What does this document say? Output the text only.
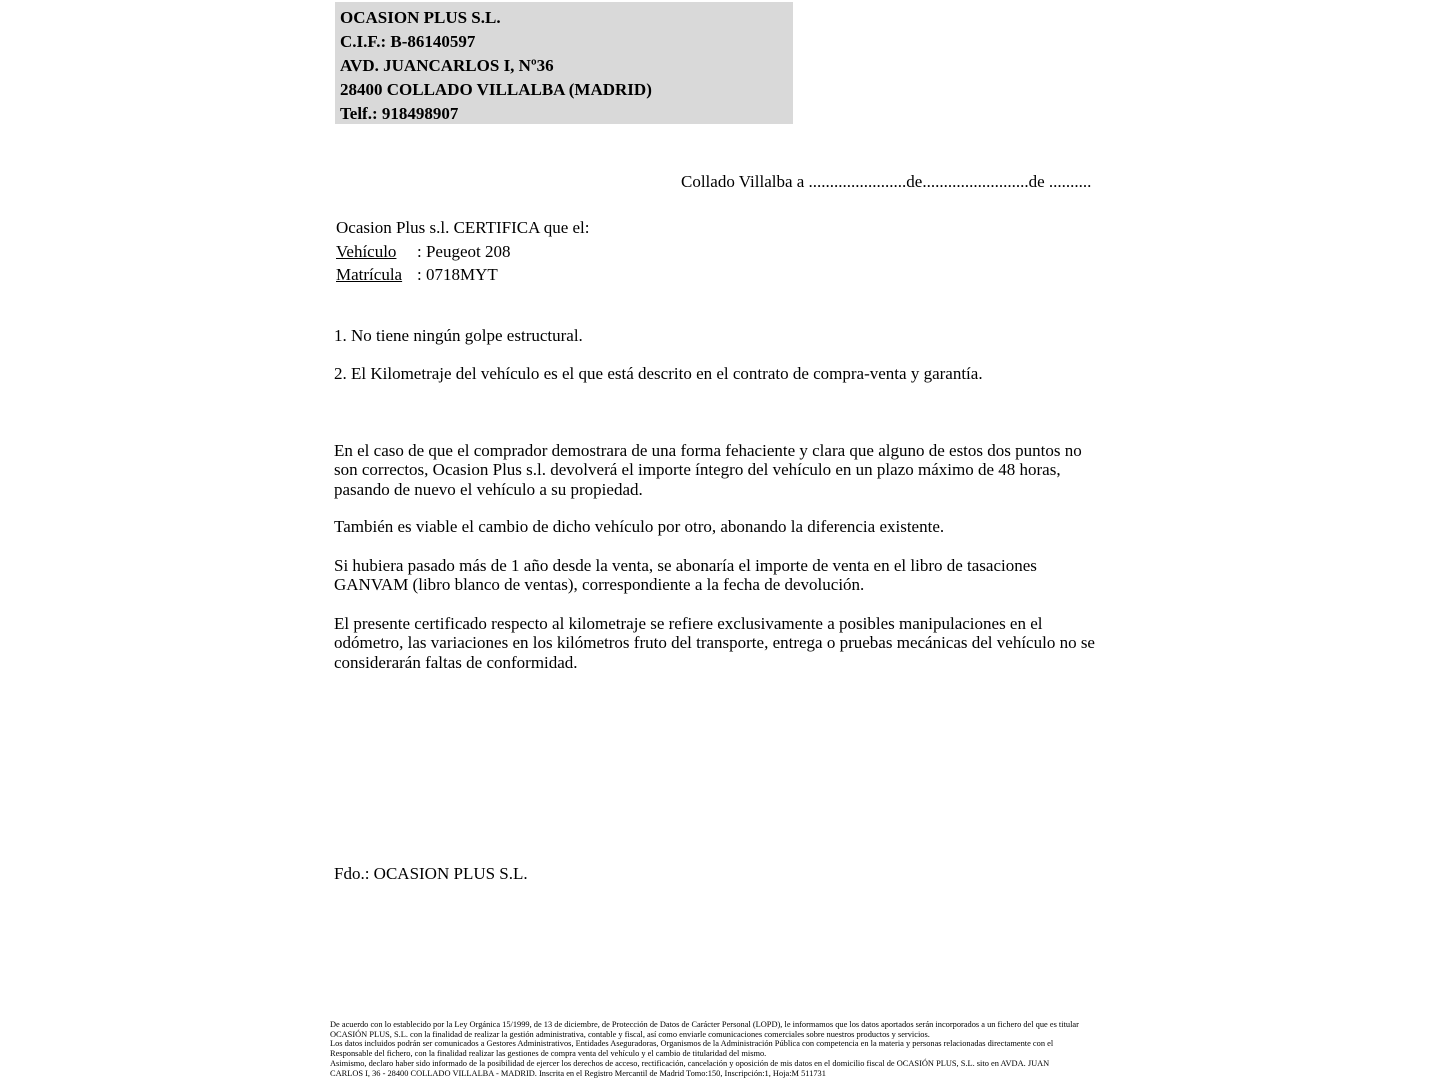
OCASION PLUS S.L.
C.I.F.: B-86140597
AVD. JUANCARLOS I, Nº36
28400 COLLADO VILLALBA (MADRID)
Telf.: 918498907
Collado Villalba a .......................de.........................de ..........
Ocasion Plus s.l. CERTIFICA que el:
Vehículo : Peugeot 208
Matrícula : 0718MYT
1. No tiene ningún golpe estructural.
2. El Kilometraje del vehículo es el que está descrito en el contrato de compra-venta y garantía.
En el caso de que el comprador demostrara de una forma fehaciente y clara que alguno de estos dos puntos no son correctos, Ocasion Plus s.l. devolverá el importe íntegro del vehículo en un plazo máximo de 48 horas, pasando de nuevo el vehículo a su propiedad.
También es viable el cambio de dicho vehículo por otro, abonando la diferencia existente.
Si hubiera pasado más de 1 año desde la venta, se abonaría el importe de venta en el libro de tasaciones GANVAM (libro blanco de ventas), correspondiente a la fecha de devolución.
El presente certificado respecto al kilometraje se refiere exclusivamente a posibles manipulaciones en el odómetro, las variaciones en los kilómetros fruto del transporte, entrega o pruebas mecánicas del vehículo no se considerarán faltas de conformidad.
Fdo.: OCASION PLUS S.L.
De acuerdo con lo establecido por la Ley Orgánica 15/1999, de 13 de diciembre, de Protección de Datos de Carácter Personal (LOPD), le informamos que los datos aportados serán incorporados a un fichero del que es titular
OCASIÓN PLUS, S.L. con la finalidad de realizar la gestión administrativa, contable y fiscal, así como enviarle comunicaciones comerciales sobre nuestros productos y servicios.
Los datos incluidos podrán ser comunicados a Gestores Administrativos, Entidades Aseguradoras, Organismos de la Administración Pública con competencia en la materia y personas relacionadas directamente con el
Responsable del fichero, con la finalidad realizar las gestiones de compra venta del vehículo y el cambio de titularidad del mismo.
Asimismo, declaro haber sido informado de la posibilidad de ejercer los derechos de acceso, rectificación, cancelación y oposición de mis datos en el domicilio fiscal de OCASIÓN PLUS, S.L. sito en AVDA. JUAN
CARLOS I, 36 - 28400 COLLADO VILLALBA - MADRID. Inscrita en el Registro Mercantil de Madrid Tomo:150, Inscripción:1, Hoja:M 511731
